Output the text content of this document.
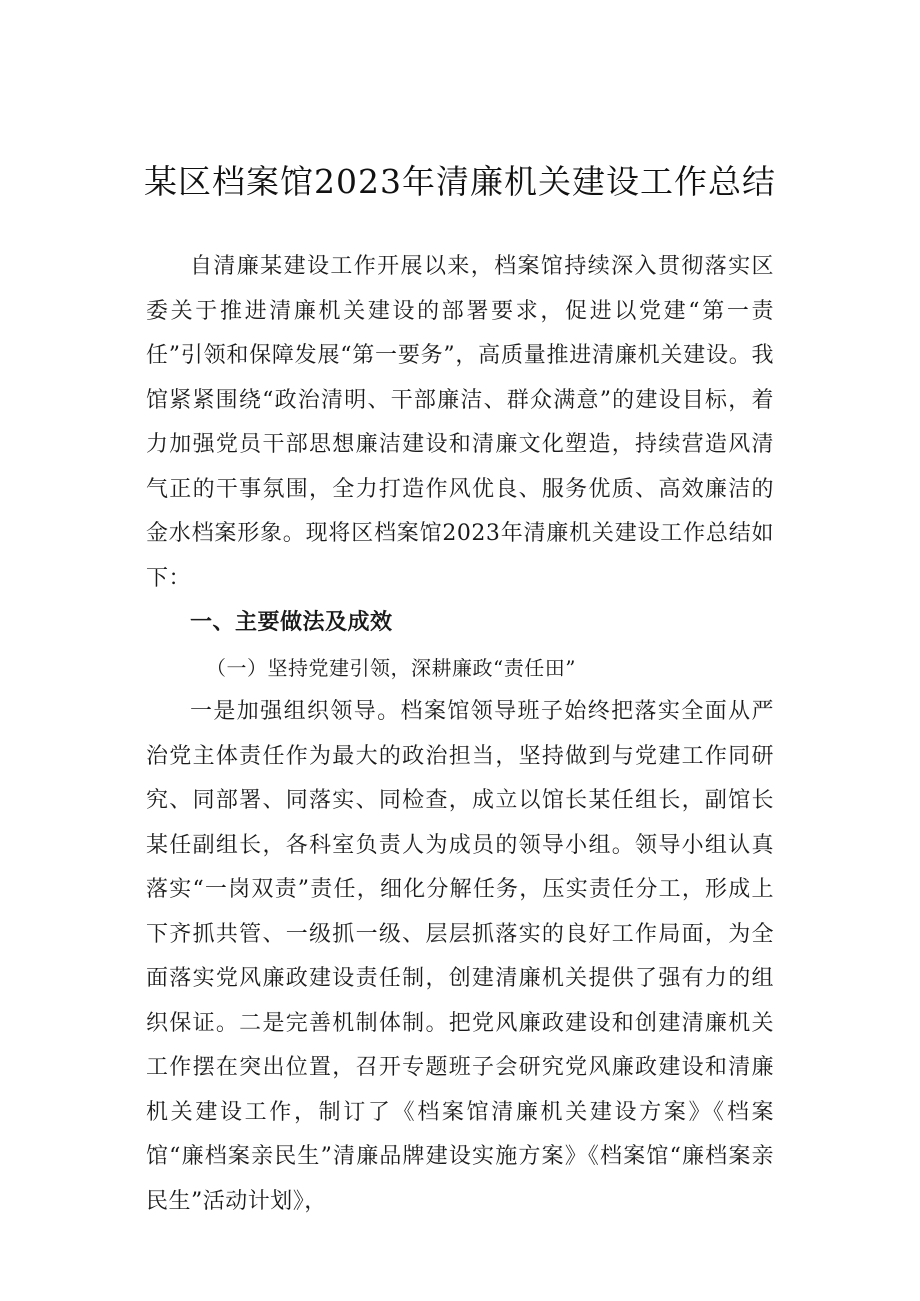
某区档案馆2023年清廉机关建设工作总结

自清廉某建设工作开展以来，档案馆持续深入贯彻落实区委关于推进清廉机关建设的部署要求，促进以党建“第一责任”引领和保障发展“第一要务”，高质量推进清廉机关建设。我馆紧紧围绕“政治清明、干部廉洁、群众满意”的建设目标，着力加强党员干部思想廉洁建设和清廉文化塑造，持续营造风清气正的干事氛围，全力打造作风优良、服务优质、高效廉洁的金水档案形象。现将区档案馆2023年清廉机关建设工作总结如下：

一、主要做法及成效

（一）坚持党建引领，深耕廉政“责任田”

一是加强组织领导。档案馆领导班子始终把落实全面从严治党主体责任作为最大的政治担当，坚持做到与党建工作同研究、同部署、同落实、同检查，成立以馆长某任组长，副馆长某任副组长，各科室负责人为成员的领导小组。领导小组认真落实“一岗双责”责任，细化分解任务，压实责任分工，形成上下齐抓共管、一级抓一级、层层抓落实的良好工作局面，为全面落实党风廉政建设责任制，创建清廉机关提供了强有力的组织保证。二是完善机制体制。把党风廉政建设和创建清廉机关工作摆在突出位置，召开专题班子会研究党风廉政建设和清廉机关建设工作，制订了《档案馆清廉机关建设方案》《档案馆“廉档案亲民生”清廉品牌建设实施方案》《档案馆“廉档案亲民生”活动计划》，
